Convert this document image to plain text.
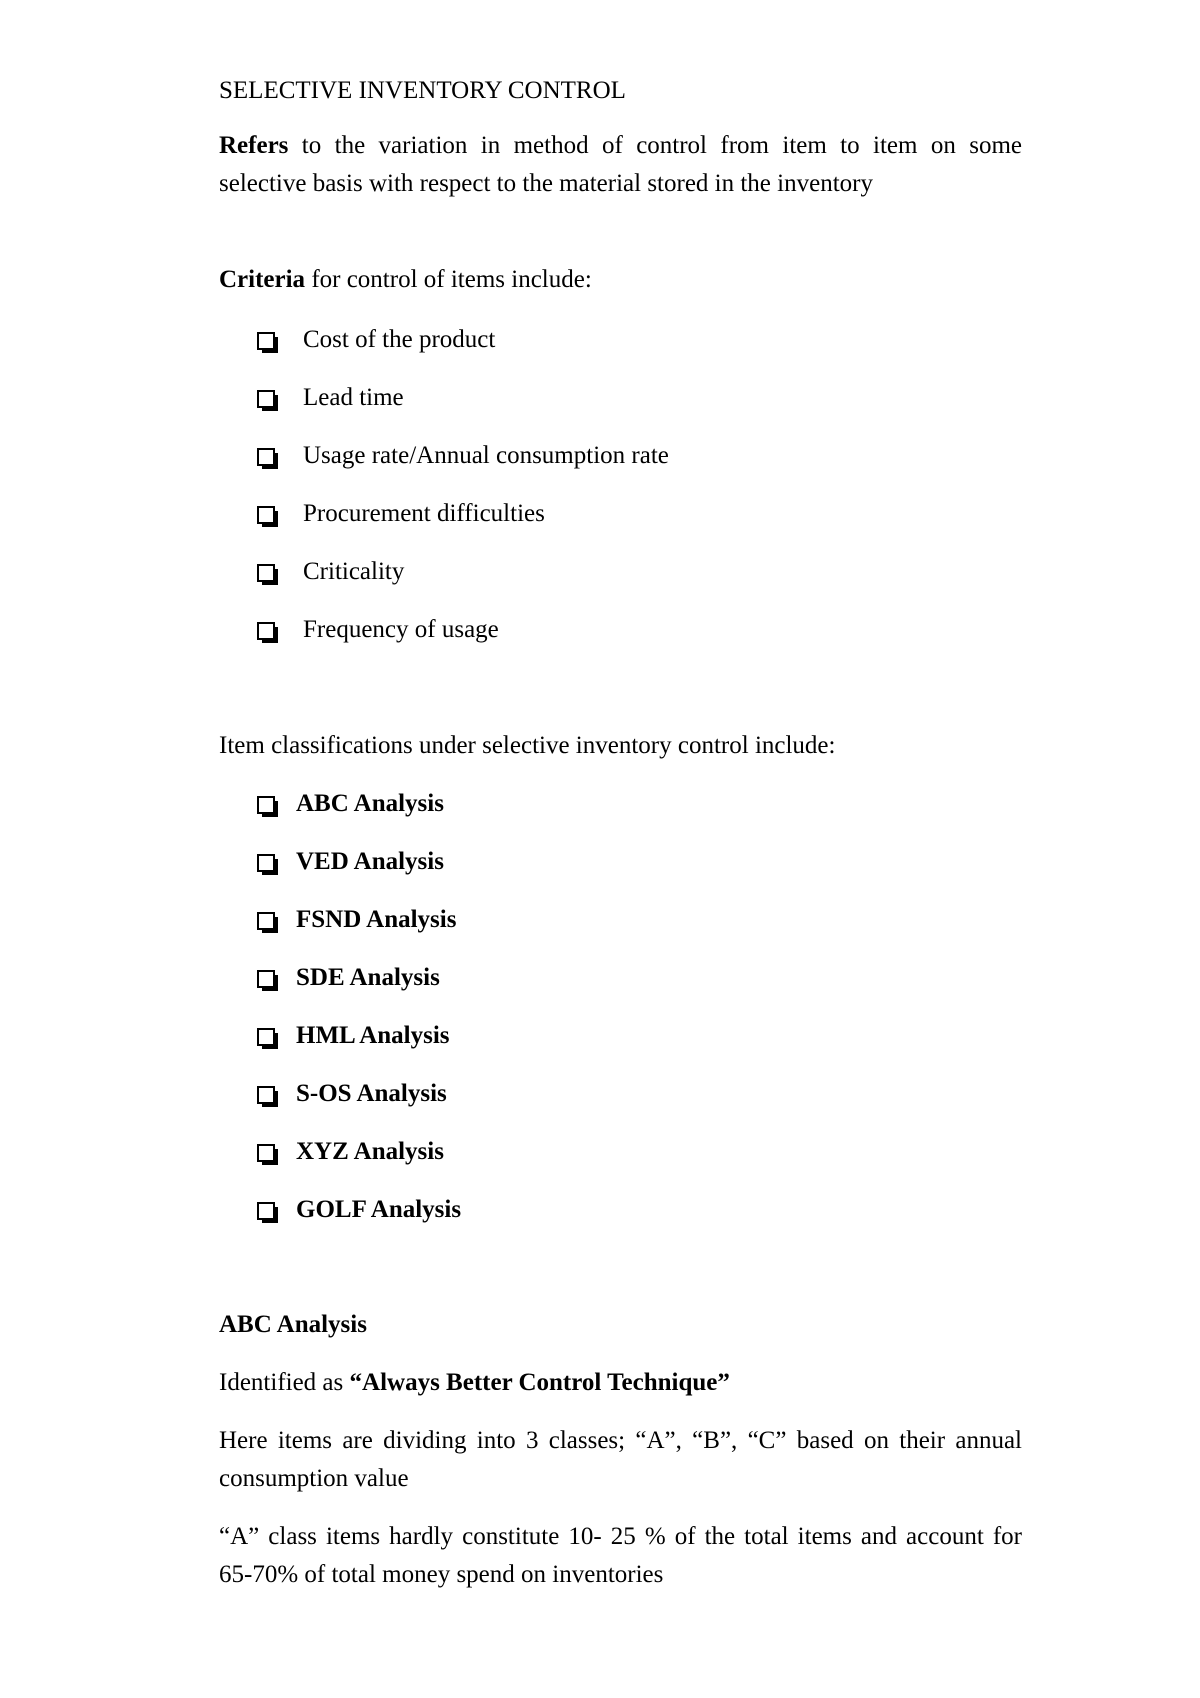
SELECTIVE INVENTORY CONTROL
Refers to the variation in method of control from item to item on some selective basis with respect to the material stored in the inventory
Criteria for control of items include:
Cost of the product
Lead time
Usage rate/Annual consumption rate
Procurement difficulties
Criticality
Frequency of usage
Item classifications under selective inventory control include:
ABC Analysis
VED Analysis
FSND Analysis
SDE Analysis
HML Analysis
S-OS Analysis
XYZ Analysis
GOLF Analysis
ABC Analysis
Identified as “Always Better Control Technique”
Here items are dividing into 3 classes; “A”, “B”, “C” based on their annual consumption value
“A” class items hardly constitute 10- 25 % of the total items and account for 65-70% of total money spend on inventories
